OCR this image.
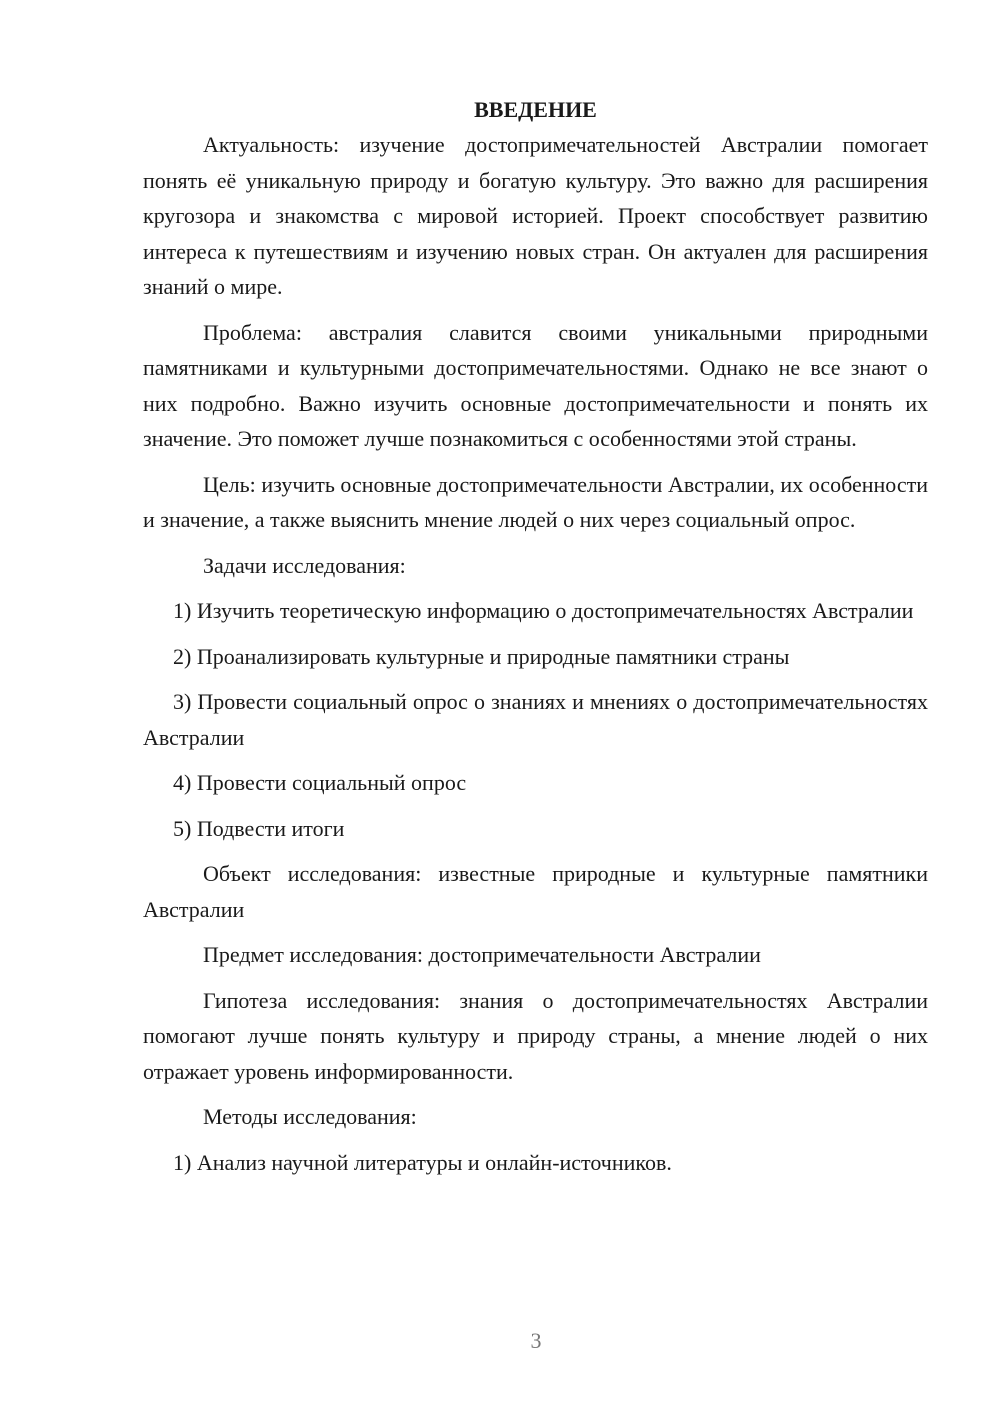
ВВЕДЕНИЕ

Актуальность: изучение достопримечательностей Австралии помогает понять её уникальную природу и богатую культуру. Это важно для расширения кругозора и знакомства с мировой историей. Проект способствует развитию интереса к путешествиям и изучению новых стран. Он актуален для расширения знаний о мире.

Проблема: австралия славится своими уникальными природными памятниками и культурными достопримечательностями. Однако не все знают о них подробно. Важно изучить основные достопримечательности и понять их значение. Это поможет лучше познакомиться с особенностями этой страны.

Цель: изучить основные достопримечательности Австралии, их особенности и значение, а также выяснить мнение людей о них через социальный опрос.

Задачи исследования:

1) Изучить теоретическую информацию о достопримечательностях Австралии

2) Проанализировать культурные и природные памятники страны

3) Провести социальный опрос о знаниях и мнениях о достопримечательностях Австралии

4) Провести социальный опрос

5) Подвести итоги

Объект исследования: известные природные и культурные памятники Австралии

Предмет исследования: достопримечательности Австралии

Гипотеза исследования: знания о достопримечательностях Австралии помогают лучше понять культуру и природу страны, а мнение людей о них отражает уровень информированности.

Методы исследования:

1) Анализ научной литературы и онлайн-источников.

3
